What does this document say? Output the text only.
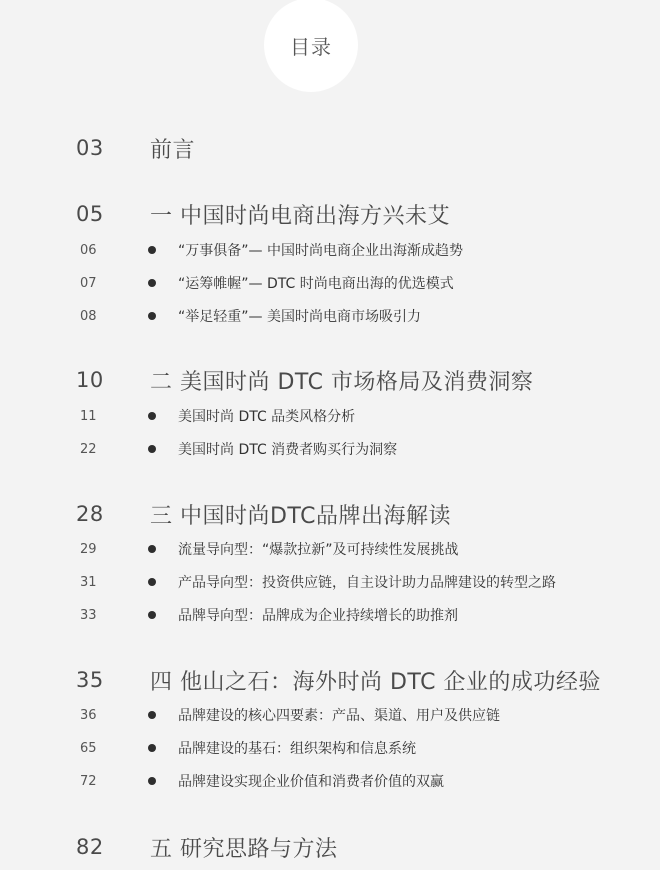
目录
03	前言
05	一 中国时尚电商出海方兴未艾
06	“万事俱备”— 中国时尚电商企业出海渐成趋势
07	“运筹帷幄”— DTC 时尚电商出海的优选模式
08	“举足轻重”— 美国时尚电商市场吸引力
10	二 美国时尚 DTC 市场格局及消费洞察
11	美国时尚 DTC 品类风格分析
22	美国时尚 DTC 消费者购买行为洞察
28	三 中国时尚DTC品牌出海解读
29	流量导向型：“爆款拉新”及可持续性发展挑战
31	产品导向型：投资供应链，自主设计助力品牌建设的转型之路
33	品牌导向型：品牌成为企业持续增长的助推剂
35	四 他山之石：海外时尚 DTC 企业的成功经验
36	品牌建设的核心四要素：产品、渠道、用户及供应链
65	品牌建设的基石：组织架构和信息系统
72	品牌建设实现企业价值和消费者价值的双赢
82	五 研究思路与方法
